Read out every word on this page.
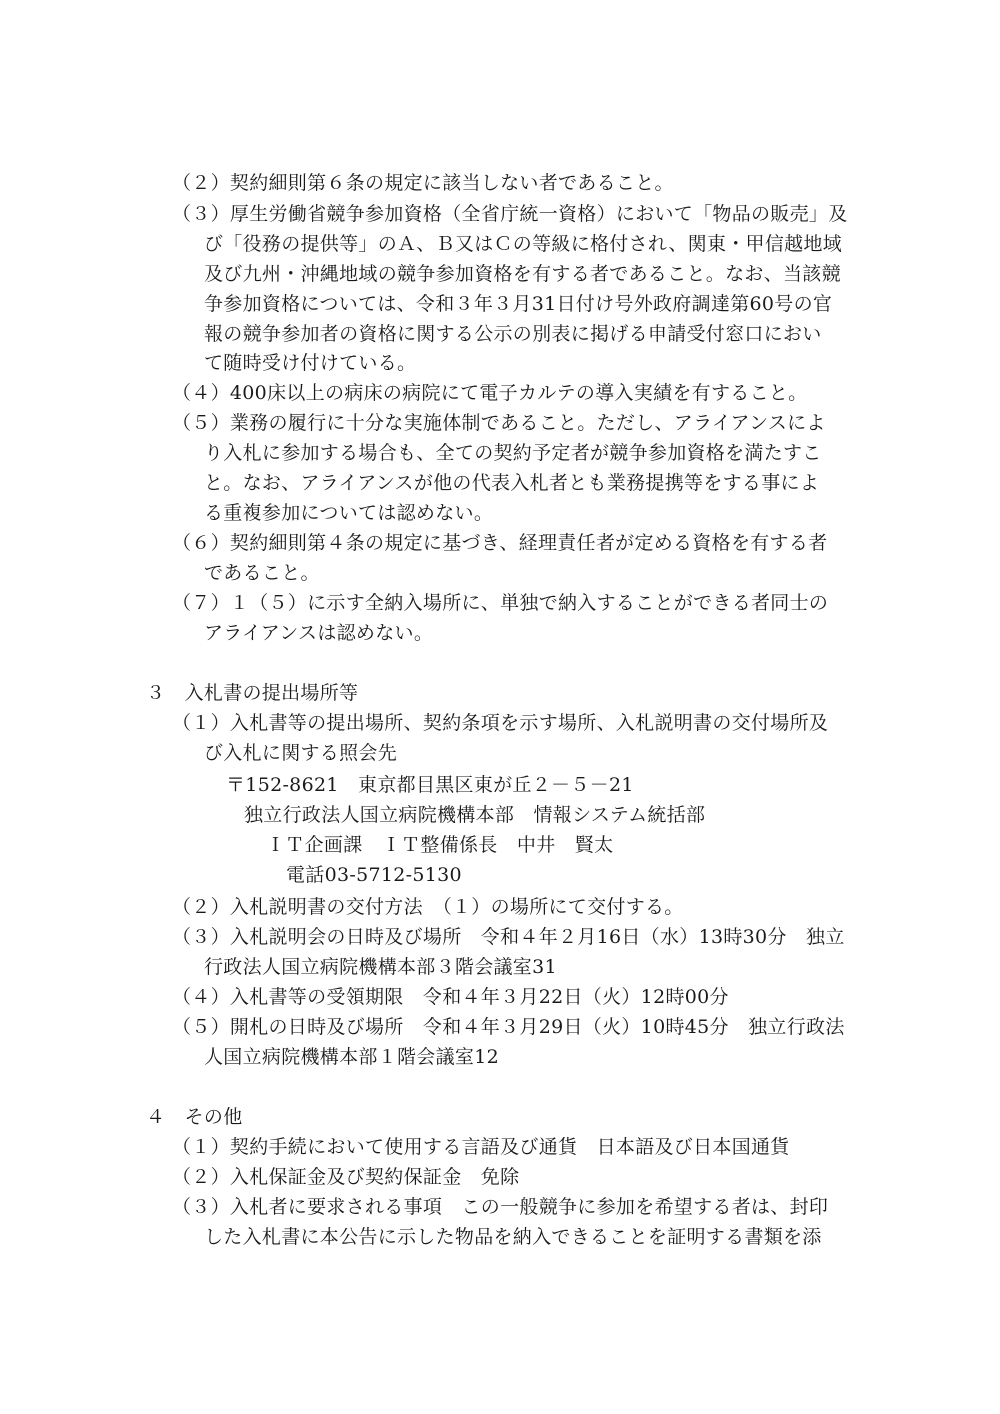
（２）契約細則第６条の規定に該当しない者であること。
（３）厚生労働省競争参加資格（全省庁統一資格）において「物品の販売」及
び「役務の提供等」のＡ、Ｂ又はＣの等級に格付され、関東・甲信越地域
及び九州・沖縄地域の競争参加資格を有する者であること。なお、当該競
争参加資格については、令和３年３月31日付け号外政府調達第60号の官
報の競争参加者の資格に関する公示の別表に掲げる申請受付窓口におい
て随時受け付けている。
（４）400床以上の病床の病院にて電子カルテの導入実績を有すること。
（５）業務の履行に十分な実施体制であること。ただし、アライアンスによ
り入札に参加する場合も、全ての契約予定者が競争参加資格を満たすこ
と。なお、アライアンスが他の代表入札者とも業務提携等をする事によ
る重複参加については認めない。
（６）契約細則第４条の規定に基づき、経理責任者が定める資格を有する者
であること。
（７）１（５）に示す全納入場所に、単独で納入することができる者同士の
アライアンスは認めない。
３　入札書の提出場所等
（１）入札書等の提出場所、契約条項を示す場所、入札説明書の交付場所及
び入札に関する照会先
〒152-8621　東京都目黒区東が丘２－５－21
独立行政法人国立病院機構本部　情報システム統括部
ＩＴ企画課　ＩＴ整備係長　中井　賢太
電話03-5712-5130
（２）入札説明書の交付方法　（１）の場所にて交付する。
（３）入札説明会の日時及び場所　令和４年２月16日（水）13時30分　独立
行政法人国立病院機構本部３階会議室31
（４）入札書等の受領期限　令和４年３月22日（火）12時00分
（５）開札の日時及び場所　令和４年３月29日（火）10時45分　独立行政法
人国立病院機構本部１階会議室12
４　その他
（１）契約手続において使用する言語及び通貨　日本語及び日本国通貨
（２）入札保証金及び契約保証金　免除
（３）入札者に要求される事項　この一般競争に参加を希望する者は、封印
した入札書に本公告に示した物品を納入できることを証明する書類を添
